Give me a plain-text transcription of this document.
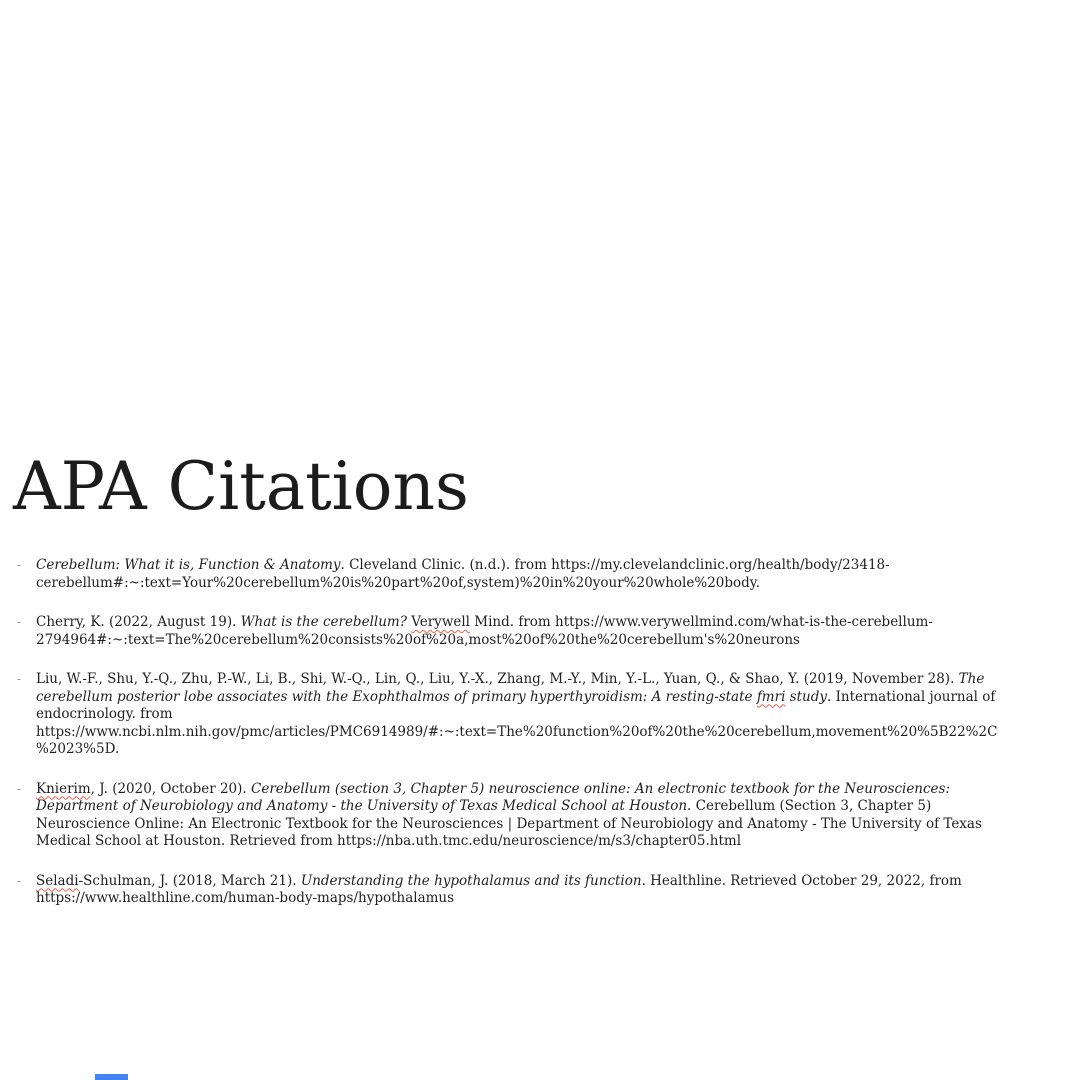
APA Citations
- Cerebellum: What it is, Function & Anatomy. Cleveland Clinic. (n.d.). from https://my.clevelandclinic.org/health/body/23418-cerebellum#:~:text=Your%20cerebellum%20is%20part%20of,system)%20in%20your%20whole%20body.
- Cherry, K. (2022, August 19). What is the cerebellum? Verywell Mind. from https://www.verywellmind.com/what-is-the-cerebellum-2794964#:~:text=The%20cerebellum%20consists%20of%20a,most%20of%20the%20cerebellum's%20neurons
- Liu, W.-F., Shu, Y.-Q., Zhu, P.-W., Li, B., Shi, W.-Q., Lin, Q., Liu, Y.-X., Zhang, M.-Y., Min, Y.-L., Yuan, Q., & Shao, Y. (2019, November 28). The cerebellum posterior lobe associates with the Exophthalmos of primary hyperthyroidism: A resting-state fmri study. International journal of endocrinology. from https://www.ncbi.nlm.nih.gov/pmc/articles/PMC6914989/#:~:text=The%20function%20of%20the%20cerebellum,movement%20%5B22%2C%2023%5D.
- Knierim, J. (2020, October 20). Cerebellum (section 3, Chapter 5) neuroscience online: An electronic textbook for the Neurosciences: Department of Neurobiology and Anatomy - the University of Texas Medical School at Houston. Cerebellum (Section 3, Chapter 5) Neuroscience Online: An Electronic Textbook for the Neurosciences | Department of Neurobiology and Anatomy - The University of Texas Medical School at Houston. Retrieved from https://nba.uth.tmc.edu/neuroscience/m/s3/chapter05.html
- Seladi-Schulman, J. (2018, March 21). Understanding the hypothalamus and its function. Healthline. Retrieved October 29, 2022, from https://www.healthline.com/human-body-maps/hypothalamus
